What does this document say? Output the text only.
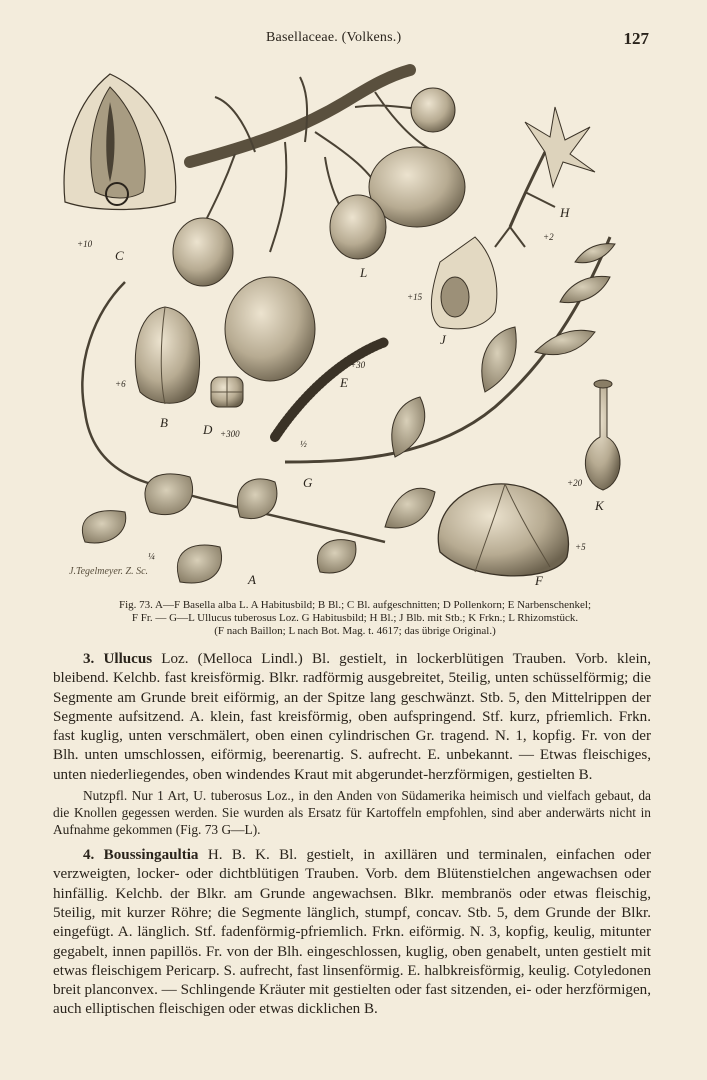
Basellaceae. (Volkens.)	127
+10
C
L
H
+2
+15
J
+6
B	D +300
+30
E
½
G	+20
K
¼
A
J.Tegelmeyer. Z. Sc.
+5
F
Fig. 73. A—F Basella alba L. A Habitusbild; B Bl.; C Bl. aufgeschnitten; D Pollenkorn; E Narbenschenkel;
F Fr. — G—L Ullucus tuberosus Loz. G Habitusbild; H Bl.; J Blb. mit Stb.; K Frkn.; L Rhizomstück.
(F nach Baillon; L nach Bot. Mag. t. 4617; das übrige Original.)

3. Ullucus Loz. (Melloca Lindl.) Bl. gestielt, in lockerblütigen Trauben. Vorb. klein, bleibend. Kelchb. fast kreisförmig. Blkr. radförmig ausgebreitet, 5teilig, unten schüsselförmig; die Segmente am Grunde breit eiförmig, an der Spitze lang geschwänzt. Stb. 5, den Mittelrippen der Segmente aufsitzend. A. klein, fast kreisförmig, oben aufspringend. Stf. kurz, pfriemlich. Frkn. fast kuglig, unten verschmälert, oben einen cylindrischen Gr. tragend. N. 1, kopfig. Fr. von der Blh. unten umschlossen, eiförmig, beerenartig. S. aufrecht. E. unbekannt. — Etwas fleischiges, unten niederliegendes, oben windendes Kraut mit abgerundet-herzförmigen, gestielten B.

Nutzpfl. Nur 1 Art, U. tuberosus Loz., in den Anden von Südamerika heimisch und vielfach gebaut, da die Knollen gegessen werden. Sie wurden als Ersatz für Kartoffeln empfohlen, sind aber anderwärts nicht in Aufnahme gekommen (Fig. 73 G—L).

4. Boussingaultia H. B. K. Bl. gestielt, in axillären und terminalen, einfachen oder verzweigten, locker- oder dichtblütigen Trauben. Vorb. dem Blütenstielchen angewachsen oder hinfällig. Kelchb. der Blkr. am Grunde angewachsen. Blkr. membranös oder etwas fleischig, 5teilig, mit kurzer Röhre; die Segmente länglich, stumpf, concav. Stb. 5, dem Grunde der Blkr. eingefügt. A. länglich. Stf. fadenförmig-pfriemlich. Frkn. eiförmig. N. 3, kopfig, keulig, mitunter gegabelt, innen papillös. Fr. von der Blh. eingeschlossen, kuglig, oben genabelt, unten gestielt mit etwas fleischigem Pericarp. S. aufrecht, fast linsenförmig. E. halbkreisförmig, keulig. Cotyledonen breit planconvex. — Schlingende Kräuter mit gestielten oder fast sitzenden, ei- oder herzförmigen, auch elliptischen fleischigen oder etwas dicklichen B.
